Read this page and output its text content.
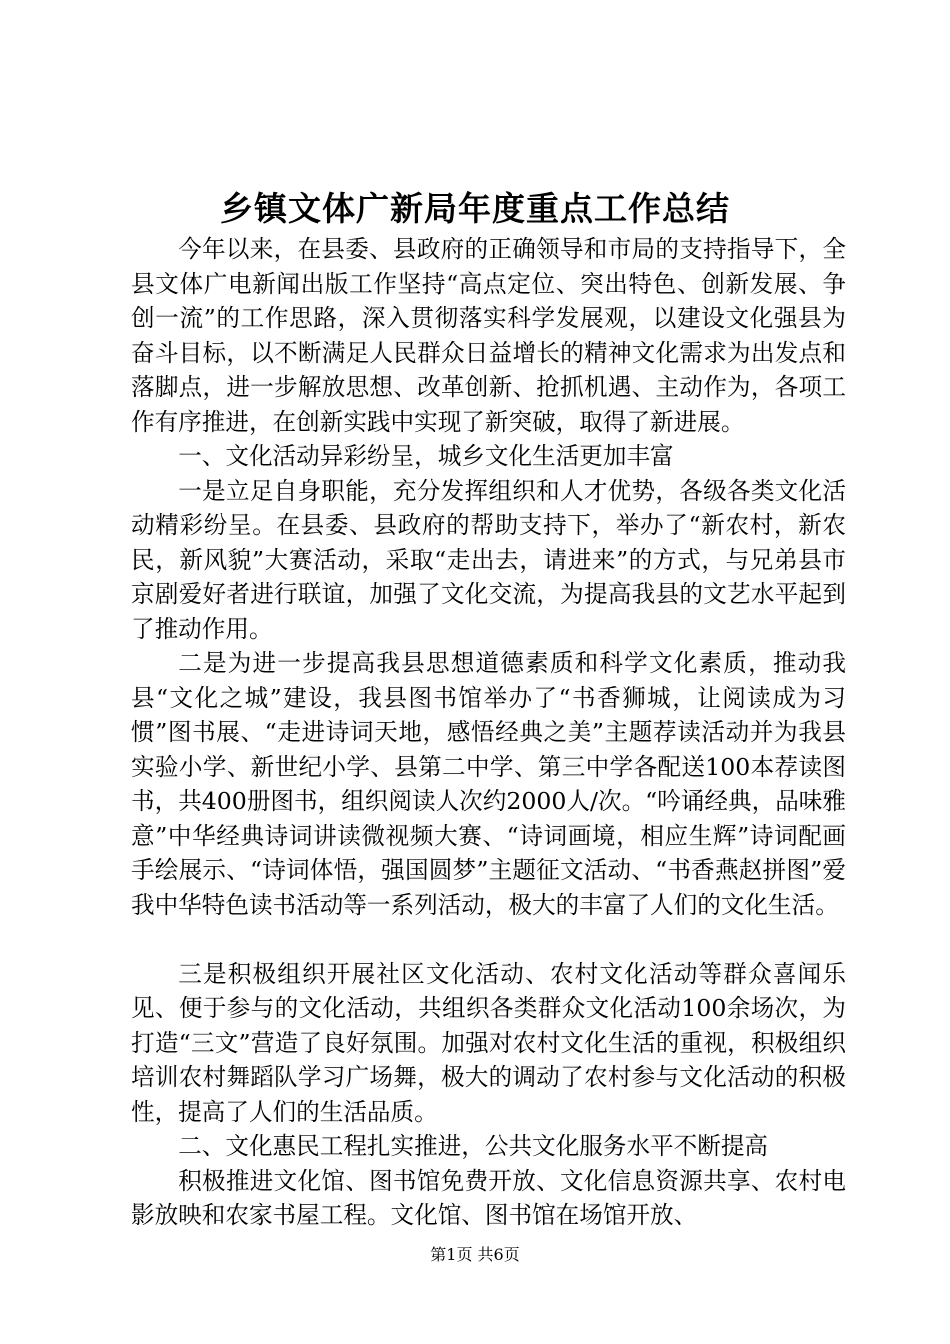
乡镇文体广新局年度重点工作总结

今年以来，在县委、县政府的正确领导和市局的支持指导下，全县文体广电新闻出版工作坚持“高点定位、突出特色、创新发展、争创一流”的工作思路，深入贯彻落实科学发展观，以建设文化强县为奋斗目标，以不断满足人民群众日益增长的精神文化需求为出发点和落脚点，进一步解放思想、改革创新、抢抓机遇、主动作为，各项工作有序推进，在创新实践中实现了新突破，取得了新进展。

一、文化活动异彩纷呈，城乡文化生活更加丰富

一是立足自身职能，充分发挥组织和人才优势，各级各类文化活动精彩纷呈。在县委、县政府的帮助支持下，举办了“新农村，新农民，新风貌”大赛活动，采取“走出去，请进来”的方式，与兄弟县市京剧爱好者进行联谊，加强了文化交流，为提高我县的文艺水平起到了推动作用。

二是为进一步提高我县思想道德素质和科学文化素质，推动我县“文化之城”建设，我县图书馆举办了“书香狮城，让阅读成为习惯”图书展、“走进诗词天地，感悟经典之美”主题荐读活动并为我县实验小学、新世纪小学、县第二中学、第三中学各配送100本荐读图书，共400册图书，组织阅读人次约2000人/次。“吟诵经典，品味雅意”中华经典诗词讲读微视频大赛、“诗词画境，相应生辉”诗词配画手绘展示、“诗词体悟，强国圆梦”主题征文活动、“书香燕赵拼图”爱我中华特色读书活动等一系列活动，极大的丰富了人们的文化生活。

三是积极组织开展社区文化活动、农村文化活动等群众喜闻乐见、便于参与的文化活动，共组织各类群众文化活动100余场次，为打造“三文”营造了良好氛围。加强对农村文化生活的重视，积极组织培训农村舞蹈队学习广场舞，极大的调动了农村参与文化活动的积极性，提高了人们的生活品质。

二、文化惠民工程扎实推进，公共文化服务水平不断提高

积极推进文化馆、图书馆免费开放、文化信息资源共享、农村电影放映和农家书屋工程。文化馆、图书馆在场馆开放、

第1页 共6页
